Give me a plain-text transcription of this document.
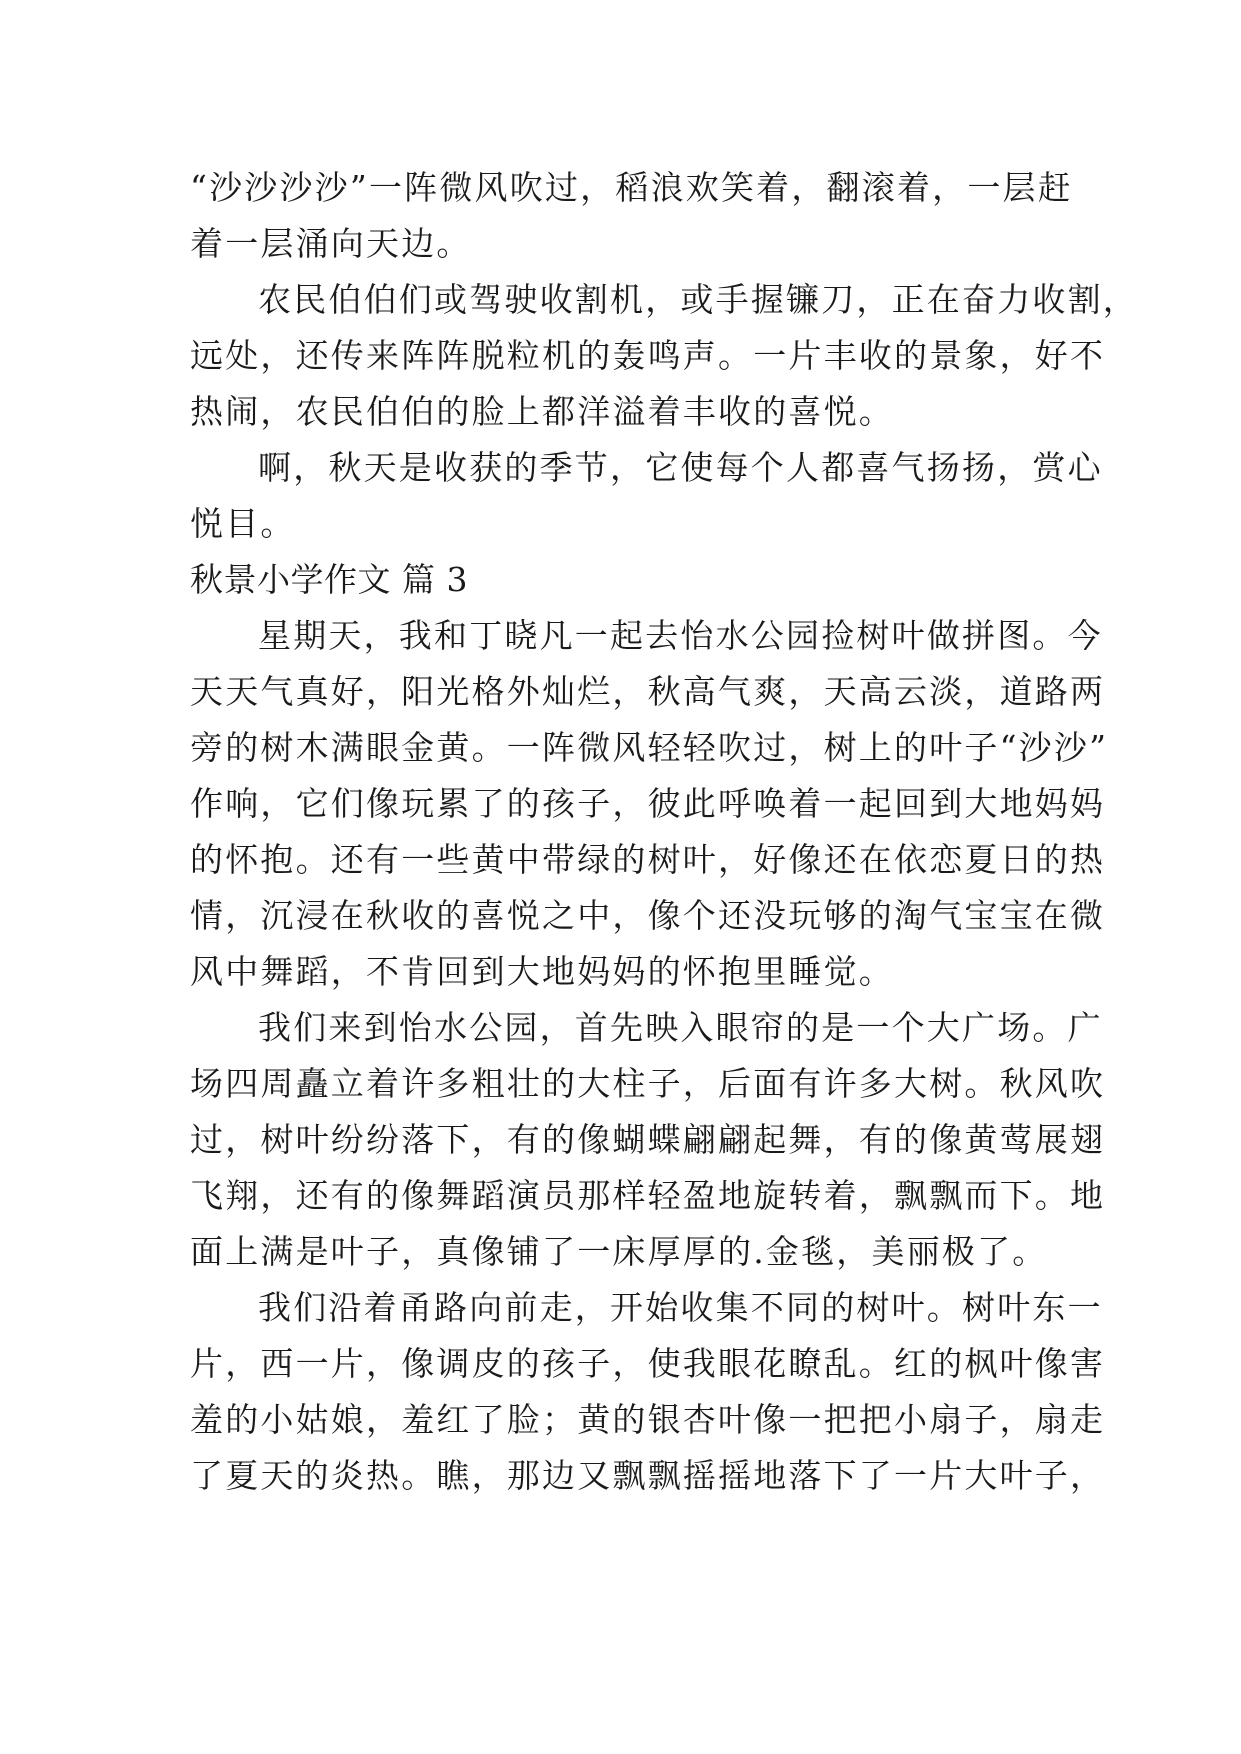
“沙沙沙沙”一阵微风吹过，稻浪欢笑着，翻滚着，一层赶
着一层涌向天边。
农民伯伯们或驾驶收割机，或手握镰刀，正在奋力收割，
远处，还传来阵阵脱粒机的轰鸣声。一片丰收的景象，好不
热闹，农民伯伯的脸上都洋溢着丰收的喜悦。
啊，秋天是收获的季节，它使每个人都喜气扬扬，赏心
悦目。
秋景小学作文 篇 3
星期天，我和丁晓凡一起去怡水公园捡树叶做拼图。今
天天气真好，阳光格外灿烂，秋高气爽，天高云淡，道路两
旁的树木满眼金黄。一阵微风轻轻吹过，树上的叶子“沙沙”
作响，它们像玩累了的孩子，彼此呼唤着一起回到大地妈妈
的怀抱。还有一些黄中带绿的树叶，好像还在依恋夏日的热
情，沉浸在秋收的喜悦之中，像个还没玩够的淘气宝宝在微
风中舞蹈，不肯回到大地妈妈的怀抱里睡觉。
我们来到怡水公园，首先映入眼帘的是一个大广场。广
场四周矗立着许多粗壮的大柱子，后面有许多大树。秋风吹
过，树叶纷纷落下，有的像蝴蝶翩翩起舞，有的像黄莺展翅
飞翔，还有的像舞蹈演员那样轻盈地旋转着，飘飘而下。地
面上满是叶子，真像铺了一床厚厚的.金毯，美丽极了。
我们沿着甬路向前走，开始收集不同的树叶。树叶东一
片，西一片，像调皮的孩子，使我眼花瞭乱。红的枫叶像害
羞的小姑娘，羞红了脸；黄的银杏叶像一把把小扇子，扇走
了夏天的炎热。瞧，那边又飘飘摇摇地落下了一片大叶子，
